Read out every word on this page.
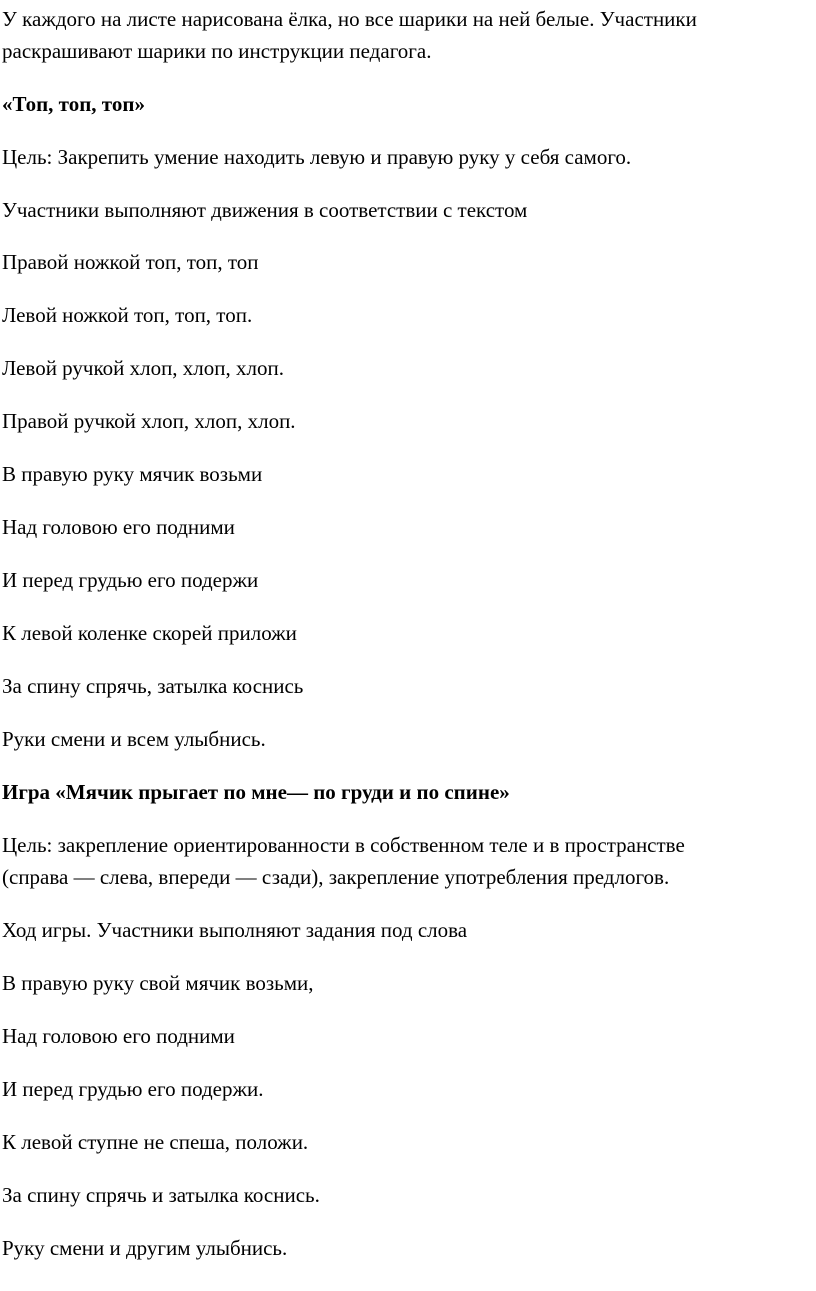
У каждого на листе нарисована ёлка, но все шарики на ней белые. Участники

раскрашивают шарики по инструкции педагога.

«Топ, топ, топ»

Цель: Закрепить умение находить левую и правую руку у себя самого.

Участники выполняют движения в соответствии с текстом

Правой ножкой топ, топ, топ

Левой ножкой топ, топ, топ.

Левой ручкой хлоп, хлоп, хлоп.

Правой ручкой хлоп, хлоп, хлоп.

В правую руку мячик возьми

Над головою его подними

И перед грудью его подержи

К левой коленке скорей приложи

За спину спрячь, затылка коснись

Руки смени и всем улыбнись.

Игра «Мячик прыгает по мне— по груди и по спине»

Цель: закрепление ориентированности в собственном теле и в пространстве

(справа — слева, впереди — сзади), закрепление употребления предлогов.

Ход игры. Участники выполняют задания под слова

В правую руку свой мячик возьми,

Над головою его подними

И перед грудью его подержи.

К левой ступне не спеша, положи.

За спину спрячь и затылка коснись.

Руку смени и другим улыбнись.
